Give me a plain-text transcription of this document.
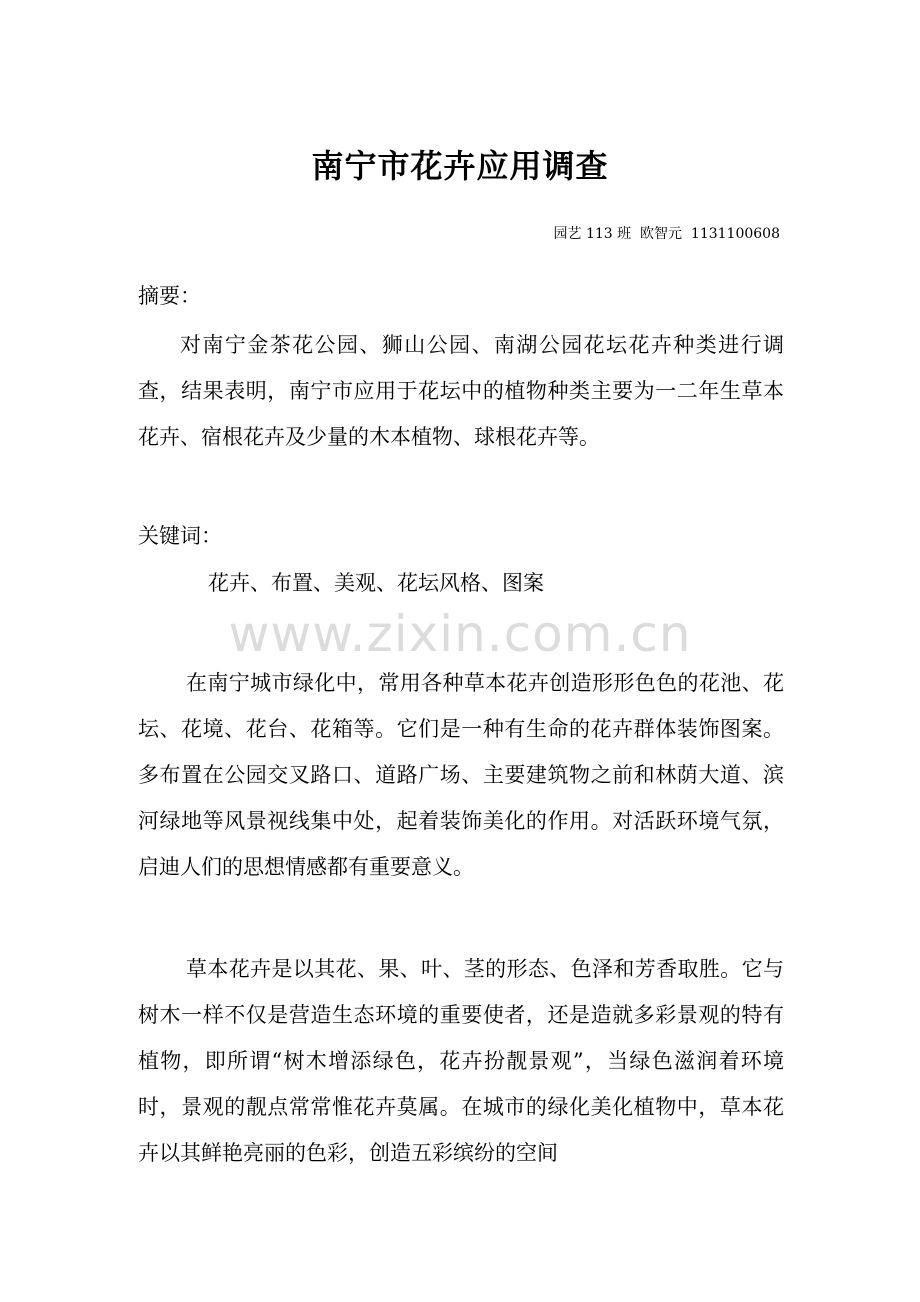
南宁市花卉应用调查
园艺 113 班  欧智元  1131100608
摘要：

对南宁金茶花公园、狮山公园、南湖公园花坛花卉种类进行调查，结果表明，南宁市应用于花坛中的植物种类主要为一二年生草本花卉、宿根花卉及少量的木本植物、球根花卉等。

关键词：
花卉、布置、美观、花坛风格、图案
www.zixin.com.cn

在南宁城市绿化中，常用各种草本花卉创造形形色色的花池、花坛、花境、花台、花箱等。它们是一种有生命的花卉群体装饰图案。多布置在公园交叉路口、道路广场、主要建筑物之前和林荫大道、滨河绿地等风景视线集中处，起着装饰美化的作用。对活跃环境气氛，启迪人们的思想情感都有重要意义。

草本花卉是以其花、果、叶、茎的形态、色泽和芳香取胜。它与树木一样不仅是营造生态环境的重要使者，还是造就多彩景观的特有植物，即所谓“树木增添绿色，花卉扮靓景观”，当绿色滋润着环境时，景观的靓点常常惟花卉莫属。在城市的绿化美化植物中，草本花卉以其鲜艳亮丽的色彩，创造五彩缤纷的空间
